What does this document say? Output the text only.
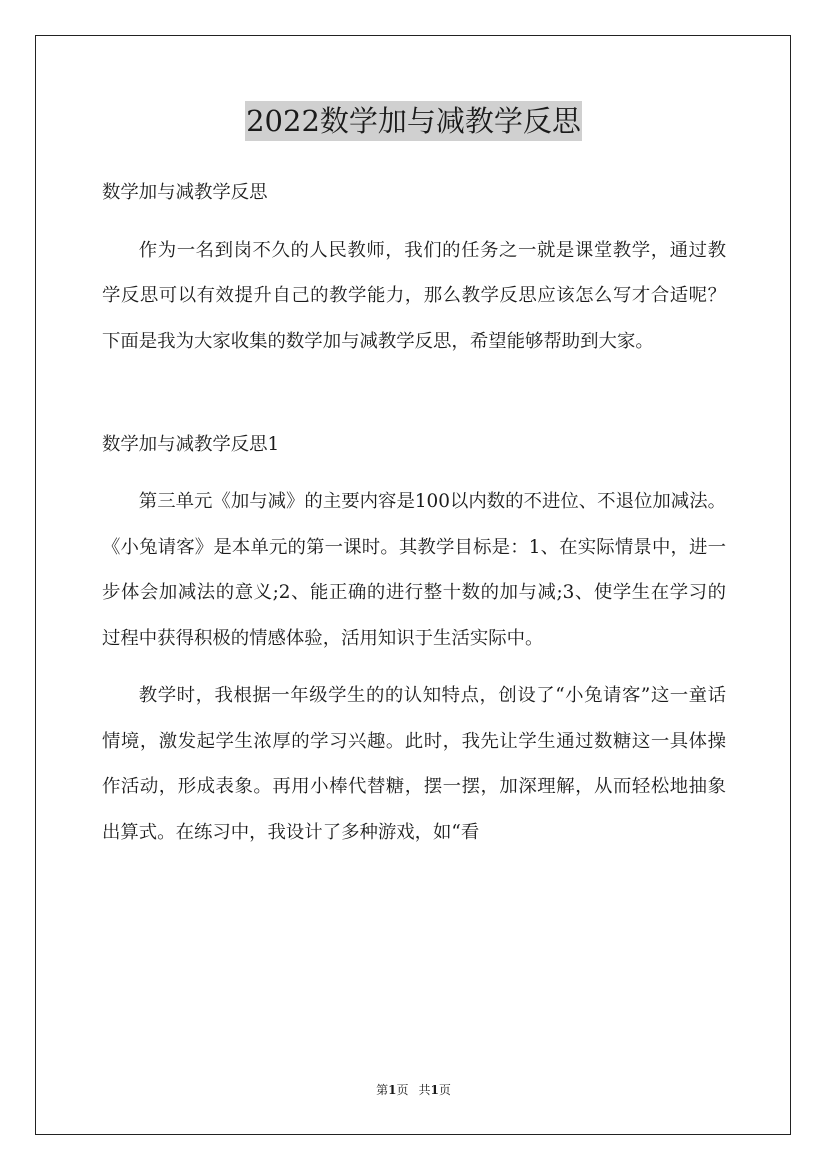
2022数学加与减教学反思

数学加与减教学反思

作为一名到岗不久的人民教师，我们的任务之一就是课堂教学，通过教学反思可以有效提升自己的教学能力，那么教学反思应该怎么写才合适呢？下面是我为大家收集的数学加与减教学反思，希望能够帮助到大家。

数学加与减教学反思1

第三单元《加与减》的主要内容是100以内数的不进位、不退位加减法。《小兔请客》是本单元的第一课时。其教学目标是：1、在实际情景中，进一步体会加减法的意义;2、能正确的进行整十数的加与减;3、使学生在学习的过程中获得积极的情感体验，活用知识于生活实际中。

教学时，我根据一年级学生的的认知特点，创设了“小兔请客”这一童话情境，激发起学生浓厚的学习兴趣。此时，我先让学生通过数糖这一具体操作活动，形成表象。再用小棒代替糖，摆一摆，加深理解，从而轻松地抽象出算式。在练习中，我设计了多种游戏，如“看

第1页 共1页
